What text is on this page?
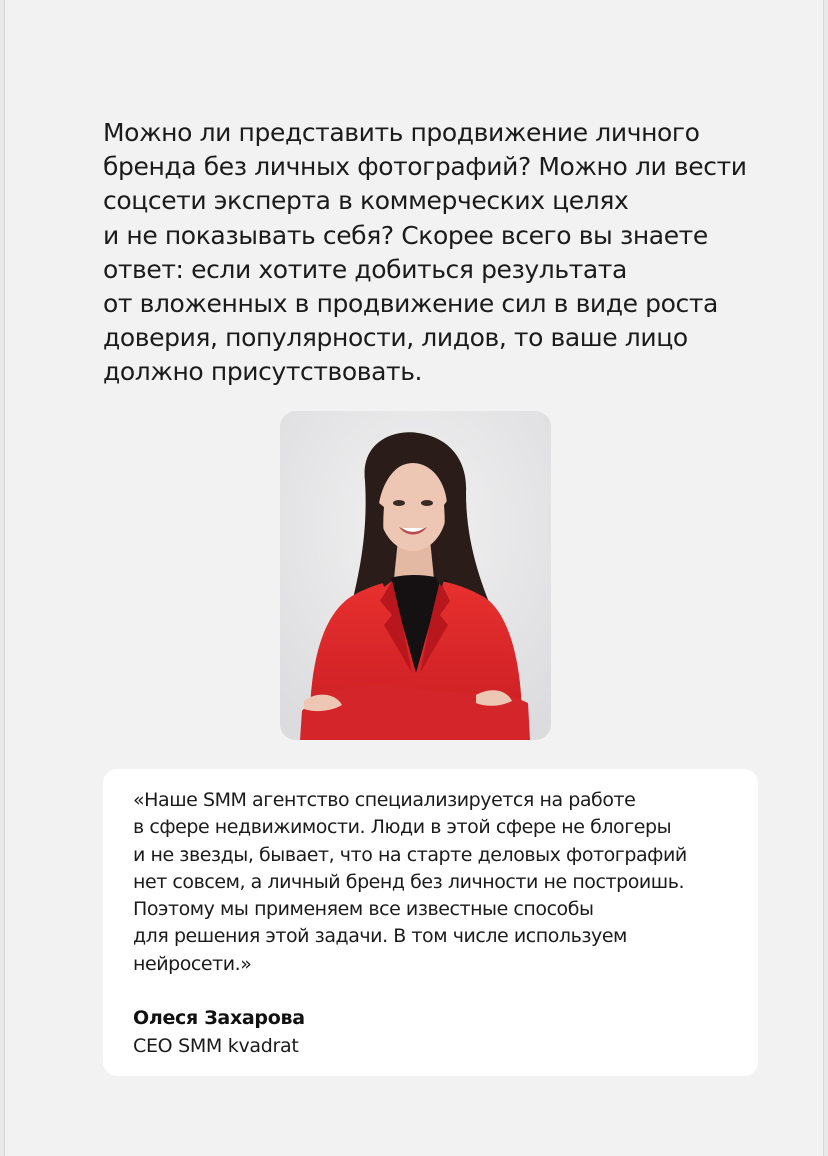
Можно ли представить продвижение личного
бренда без личных фотографий? Можно ли вести
соцсети эксперта в коммерческих целях
и не показывать себя? Скорее всего вы знаете
ответ: если хотите добиться результата
от вложенных в продвижение сил в виде роста
доверия, популярности, лидов, то ваше лицо
должно присутствовать.
«Наше SMM агентство специализируется на работе
в сфере недвижимости. Люди в этой сфере не блогеры
и не звезды, бывает, что на старте деловых фотографий
нет совсем, а личный бренд без личности не построишь.
Поэтому мы применяем все известные способы
для решения этой задачи. В том числе используем
нейросети.»
Олеся Захарова
CEO SMM kvadrat
